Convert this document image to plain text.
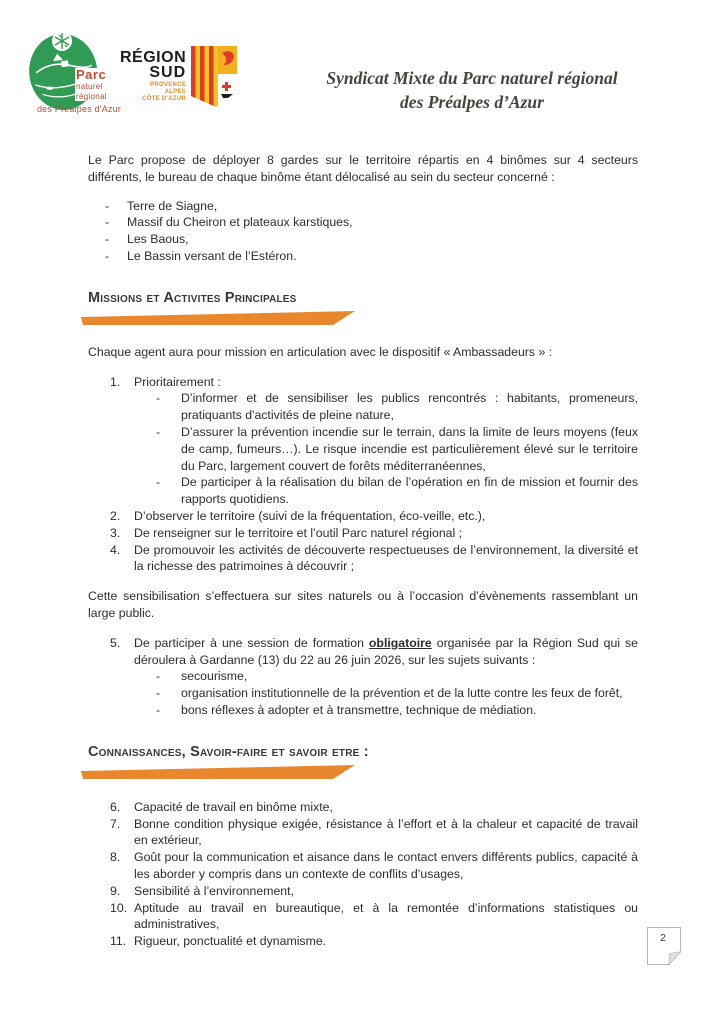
Parc
naturel
régional
des Préalpes d'Azur
RÉGION
SUD
PROVENCE
ALPES
CÔTE D'AZUR
Syndicat Mixte du Parc naturel régional
des Préalpes d’Azur

Le Parc propose de déployer 8 gardes sur le territoire répartis en 4 binômes sur 4 secteurs différents, le bureau de chaque binôme étant délocalisé au sein du secteur concerné :

-	Terre de Siagne,
-	Massif du Cheiron et plateaux karstiques,
-	Les Baous,
-	Le Bassin versant de l’Estéron.
Missions et Activites Principales

Chaque agent aura pour mission en articulation avec le dispositif « Ambassadeurs » :

1.	Prioritairement :
-	D’informer et de sensibiliser les publics rencontrés : habitants, promeneurs, pratiquants d'activités de pleine nature,
-	D’assurer la prévention incendie sur le terrain, dans la limite de leurs moyens (feux de camp, fumeurs…). Le risque incendie est particulièrement élevé sur le territoire du Parc, largement couvert de forêts méditerranéennes,
-	De participer à la réalisation du bilan de l’opération en fin de mission et fournir des rapports quotidiens.
2.	D’observer le territoire (suivi de la fréquentation, éco-veille, etc.),
3.	De renseigner sur le territoire et l’outil Parc naturel régional ;
4.	De promouvoir les activités de découverte respectueuses de l’environnement, la diversité et la richesse des patrimoines à découvrir ;

Cette sensibilisation s’effectuera sur sites naturels ou à l’occasion d’évènements rassemblant un large public.

5.	De participer à une session de formation obligatoire organisée par la Région Sud qui se déroulera à Gardanne (13) du 22 au 26 juin 2026, sur les sujets suivants :
-	secourisme,
-	organisation institutionnelle de la prévention et de la lutte contre les feux de forêt,
-	bons réflexes à adopter et à transmettre, technique de médiation.
Connaissances, Savoir-faire et savoir etre :
6.	Capacité de travail en binôme mixte,
7.	Bonne condition physique exigée, résistance à l’effort et à la chaleur et capacité de travail en extérieur,
8.	Goût pour la communication et aisance dans le contact envers différents publics, capacité à les aborder y compris dans un contexte de conflits d’usages,
9.	Sensibilité à l’environnement,
10. Aptitude au travail en bureautique, et à la remontée d’informations statistiques ou administratives,
11. Rigueur, ponctualité et dynamisme.	2
